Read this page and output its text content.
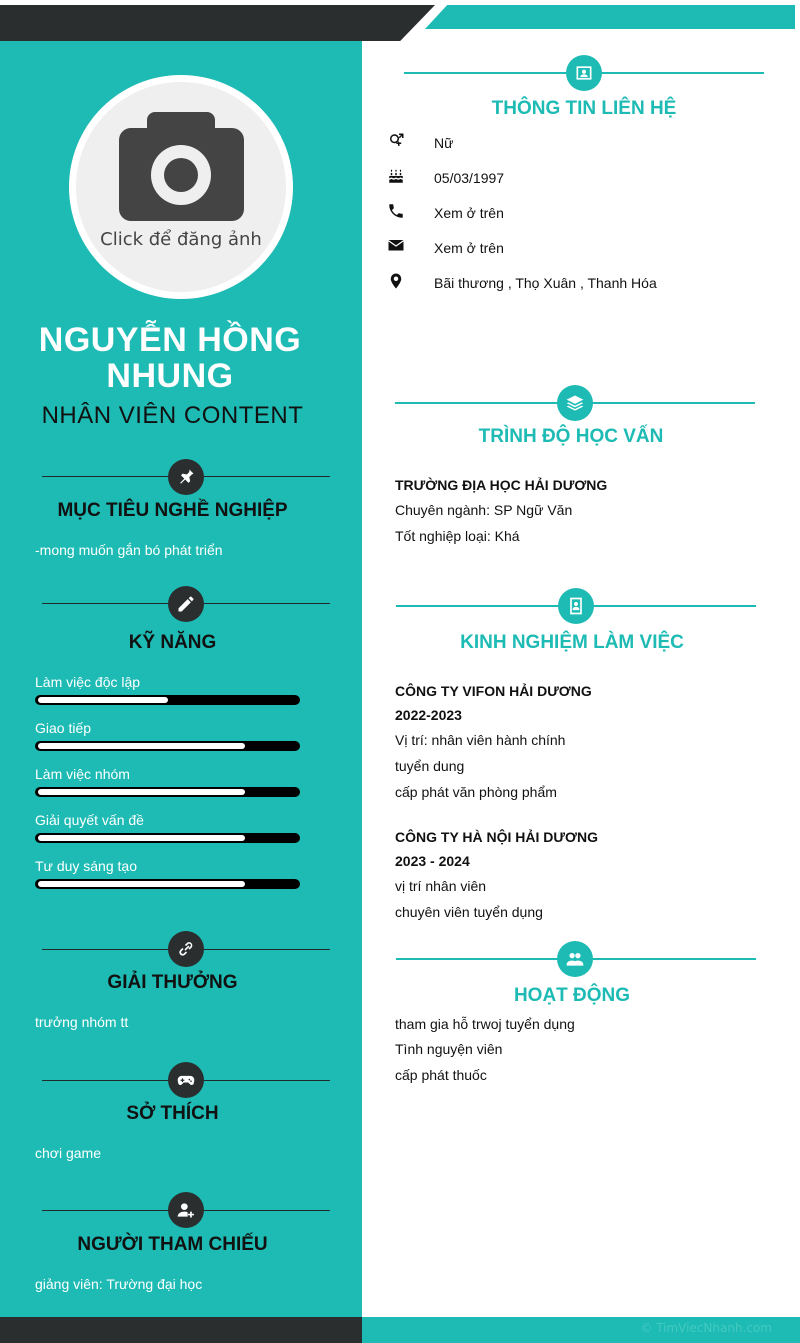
© TimViecNhanh.com
Click để đăng ảnh
NGUYỄN HỒNG NHUNG
NHÂN VIÊN CONTENT
MỤC TIÊU NGHỀ NGHIỆP
-mong muốn gắn bó phát triển
KỸ NĂNG
Làm việc độc lập
Giao tiếp
Làm việc nhóm
Giải quyết vấn đề
Tư duy sáng tạo
GIẢI THƯỞNG
trưởng nhóm tt
SỞ THÍCH
chơi game
NGƯỜI THAM CHIẾU
giảng viên: Trường đại học
THÔNG TIN LIÊN HỆ
Nữ
05/03/1997
Xem ở trên
Xem ở trên
Bãi thương , Thọ Xuân , Thanh Hóa
TRÌNH ĐỘ HỌC VẤN
TRƯỜNG ĐỊA HỌC HẢI DƯƠNG
Chuyên ngành: SP Ngữ Văn
Tốt nghiệp loại: Khá
KINH NGHIỆM LÀM VIỆC
CÔNG TY VIFON HẢI DƯƠNG
2022-2023
Vị trí: nhân viên hành chính
tuyển dung
cấp phát văn phòng phẩm
CÔNG TY HÀ NỘI HẢI DƯƠNG
2023 - 2024
vị trí nhân viên
chuyên viên tuyển dụng
HOẠT ĐỘNG
tham gia hỗ trwoj tuyển dụng
Tình nguyện viên
cấp phát thuốc
